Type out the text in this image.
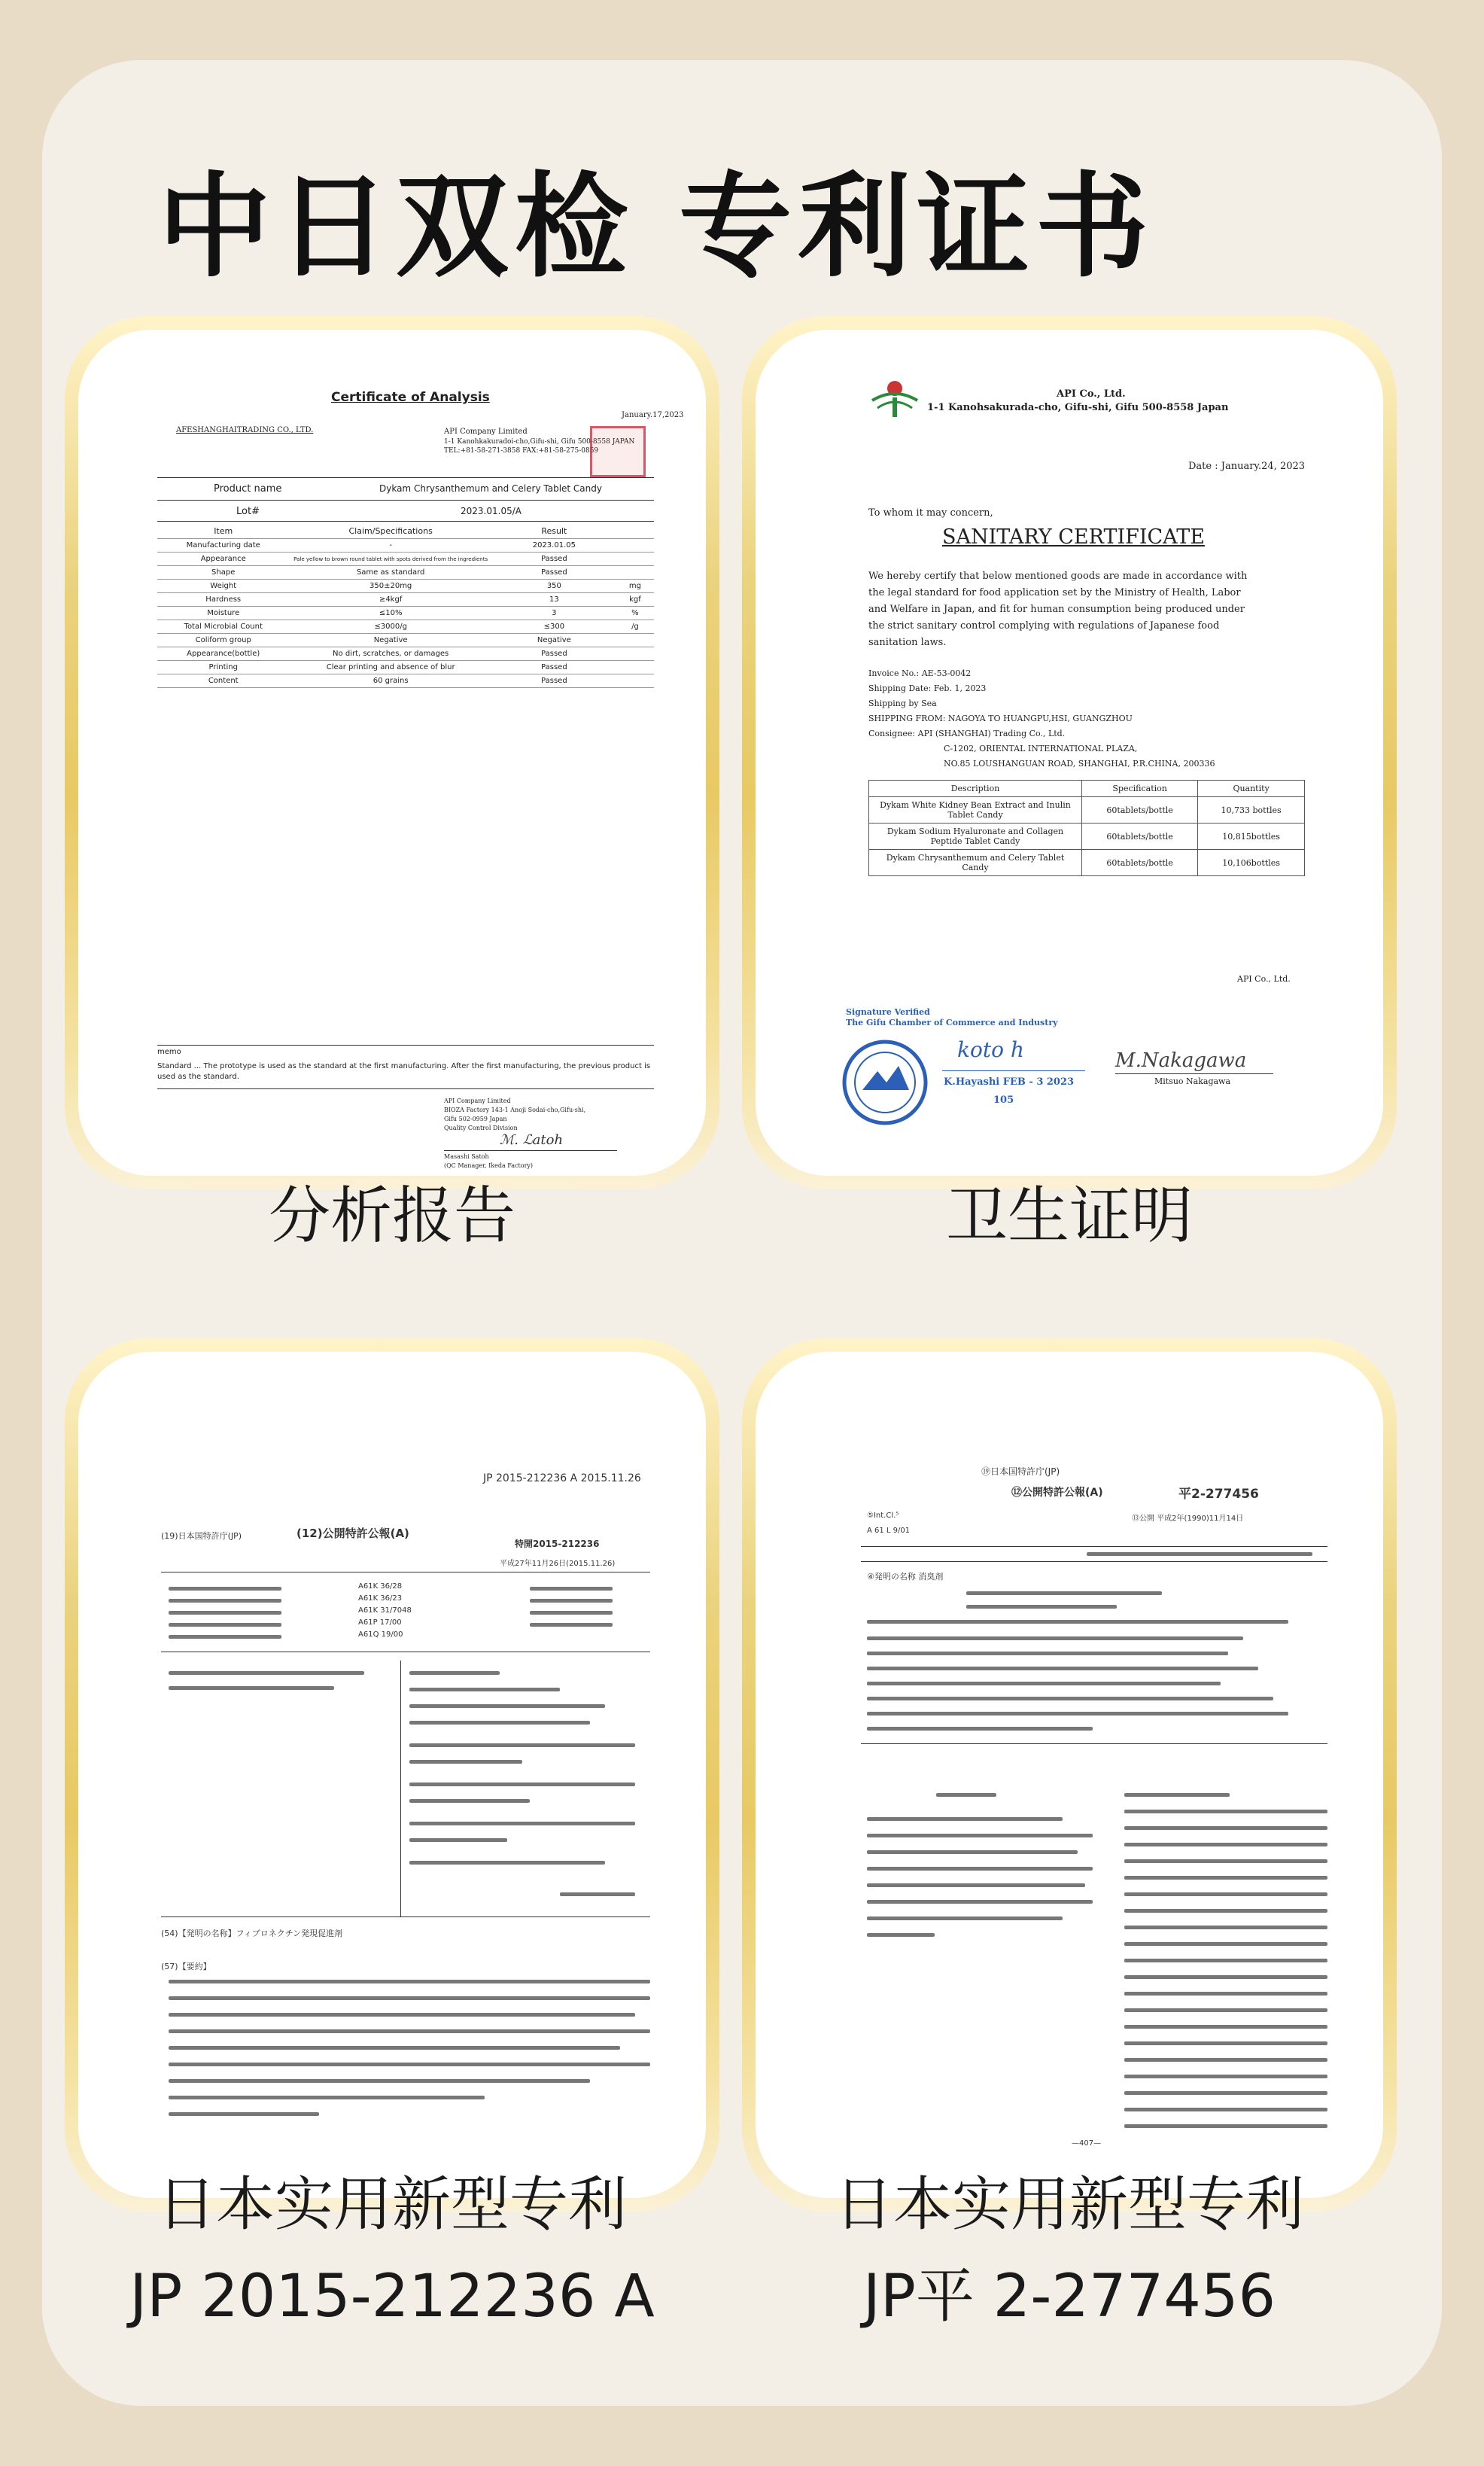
中日双检 专利证书
Certificate of Analysis
January.17,2023
AFESHANGHAITRADING CO., LTD.	API Company Limited
1-1 Kanohkakuradoi-cho,Gifu-shi, Gifu 500-8558 JAPAN
TEL:+81-58-271-3858 FAX:+81-58-275-0859
Product name	Dykam Chrysanthemum and Celery Tablet Candy
Lot#	2023.01.05/A
Item	Claim/Specifications	Result	
Manufacturing date	-	2023.01.05	
Appearance	Pale yellow to brown round tablet with spots derived from the ingredients	Passed	
Shape	Same as standard	Passed	
Weight	350±20mg	350	mg
Hardness	≥4kgf	13	kgf
Moisture	≤10%	3	%
Total Microbial Count	≤3000/g	≤300	/g
Coliform group	Negative	Negative	
Appearance(bottle)	No dirt, scratches, or damages	Passed	
Printing	Clear printing and absence of blur	Passed	
Content	60 grains	Passed	
memo
Standard ... The prototype is used as the standard at the first manufacturing. After the first manufacturing, the previous product is used as the standard.
API Company Limited
BIOZA Factory 143-1 Anoji Sodai-cho,Gifu-shi,
Gifu 502-0959 Japan
Quality Control Division
ℳ. ℒatoh
Masashi Satoh
(QC Manager, Ikeda Factory)
分析报告
API Co., Ltd.
1-1 Kanohsakurada-cho, Gifu-shi, Gifu 500-8558 Japan
Date : January.24, 2023
To whom it may concern,
SANITARY CERTIFICATE
We hereby certify that below mentioned goods are made in accordance with
the legal standard for food application set by the Ministry of Health, Labor
and Welfare in Japan, and fit for human consumption being produced under
the strict sanitary control complying with regulations of Japanese food
sanitation laws.
Invoice No.: AE-53-0042
Shipping Date: Feb. 1, 2023
Shipping by Sea
SHIPPING FROM: NAGOYA TO HUANGPU,HSI, GUANGZHOU
Consignee: API (SHANGHAI) Trading Co., Ltd.
C-1202, ORIENTAL INTERNATIONAL PLAZA,
NO.85 LOUSHANGUAN ROAD, SHANGHAI, P.R.CHINA, 200336
Description	Specification	Quantity
Dykam White Kidney Bean Extract and Inulin Tablet Candy	60tablets/bottle	10,733 bottles
Dykam Sodium Hyaluronate and Collagen Peptide Tablet Candy	60tablets/bottle	10,815bottles
Dykam Chrysanthemum and Celery Tablet Candy	60tablets/bottle	10,106bottles
API Co., Ltd.
Signature Verified
The Gifu Chamber of Commerce and Industry
koto h
K.Hayashi FEB - 3 2023
105
M.Nakagawa
Mitsuo Nakagawa
卫生证明
JP 2015-212236 A 2015.11.26
(19)日本国特許庁(JP)	(12)公開特許公報(A)
特開2015-212236
平成27年11月26日(2015.11.26)
A61K 36/28
A61K 36/23
A61K 31/7048
A61P 17/00
A61Q 19/00
(54)【発明の名称】フィブロネクチン発現促進剤
(57)【要約】
日本实用新型专利
JP 2015-212236 A
⑲日本国特許庁(JP)
⑫公開特許公報(A)	平2-277456
⑤Int.Cl.⁵
A 61 L 9/01
⑬公開 平成2年(1990)11月14日
④発明の名称 消臭剤
—407—
日本实用新型专利
JP平 2-277456
